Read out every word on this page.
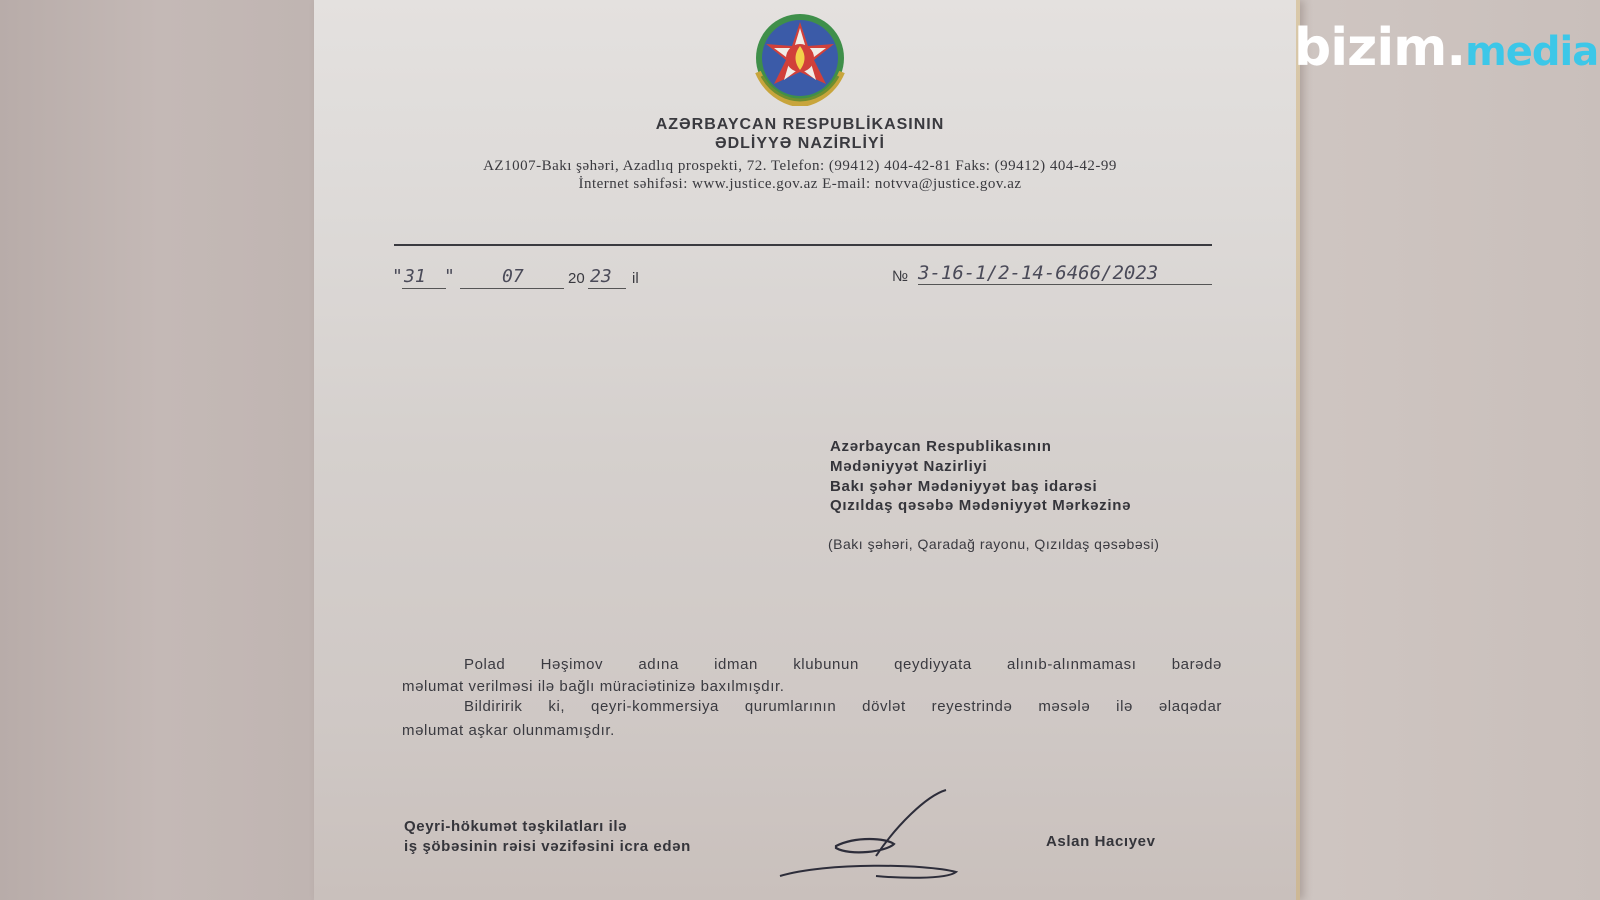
bizim.media
AZƏRBAYCAN RESPUBLİKASININ
ƏDLİYYƏ NAZİRLİYİ
AZ1007-Bakı şəhəri, Azadlıq prospekti, 72. Telefon: (99412) 404-42-81 Faks: (99412) 404-42-99
İnternet səhifəsi: www.justice.gov.az E-mail: notvva@justice.gov.az
" 31 "	07	20 23 il	№ 3-16-1/2-14-6466/2023
Azərbaycan Respublikasının
Mədəniyyət Nazirliyi
Bakı şəhər Mədəniyyət baş idarəsi
Qızıldaş qəsəbə Mədəniyyət Mərkəzinə
(Bakı şəhəri, Qaradağ rayonu, Qızıldaş qəsəbəsi)
Polad Həşimov adına idman klubunun qeydiyyata alınıb-alınmaması barədə
məlumat verilməsi ilə bağlı müraciətinizə baxılmışdır.
Bildiririk ki, qeyri-kommersiya qurumlarının dövlət reyestrində məsələ ilə əlaqədar
məlumat aşkar olunmamışdır.
Qeyri-hökumət təşkilatları ilə
iş şöbəsinin rəisi vəzifəsini icra edən	Aslan Hacıyev
